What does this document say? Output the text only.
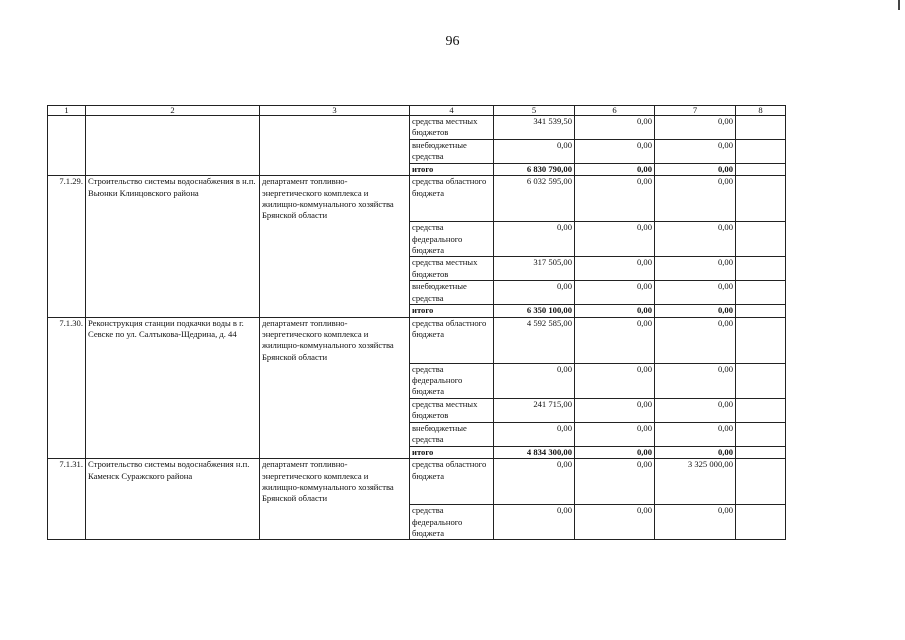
96
1	2	3	4	5	6	7	8
			средства местных бюджетов	341 539,50	0,00	0,00	
			внебюджетные средства	0,00	0,00	0,00	
			итого	6 830 790,00	0,00	0,00	
7.1.29.	Строительство системы водоснабжения в н.п. Вьюнки Клинцовского района	департамент топливно-энергетического комплекса и жилищно-коммунального хозяйства Брянской области	средства областного бюджета	6 032 595,00	0,00	0,00	
			средства федерального бюджета	0,00	0,00	0,00	
			средства местных бюджетов	317 505,00	0,00	0,00	
			внебюджетные средства	0,00	0,00	0,00	
			итого	6 350 100,00	0,00	0,00	
7.1.30.	Реконструкция станции подкачки воды в г. Севске по ул. Салтыкова-Щедрина, д. 44	департамент топливно-энергетического комплекса и жилищно-коммунального хозяйства Брянской области	средства областного бюджета	4 592 585,00	0,00	0,00	
			средства федерального бюджета	0,00	0,00	0,00	
			средства местных бюджетов	241 715,00	0,00	0,00	
			внебюджетные средства	0,00	0,00	0,00	
			итого	4 834 300,00	0,00	0,00	
7.1.31.	Строительство системы водоснабжения н.п. Каменск Суражского района	департамент топливно-энергетического комплекса и жилищно-коммунального хозяйства Брянской области	средства областного бюджета	0,00	0,00	3 325 000,00	
			средства федерального бюджета	0,00	0,00	0,00	
